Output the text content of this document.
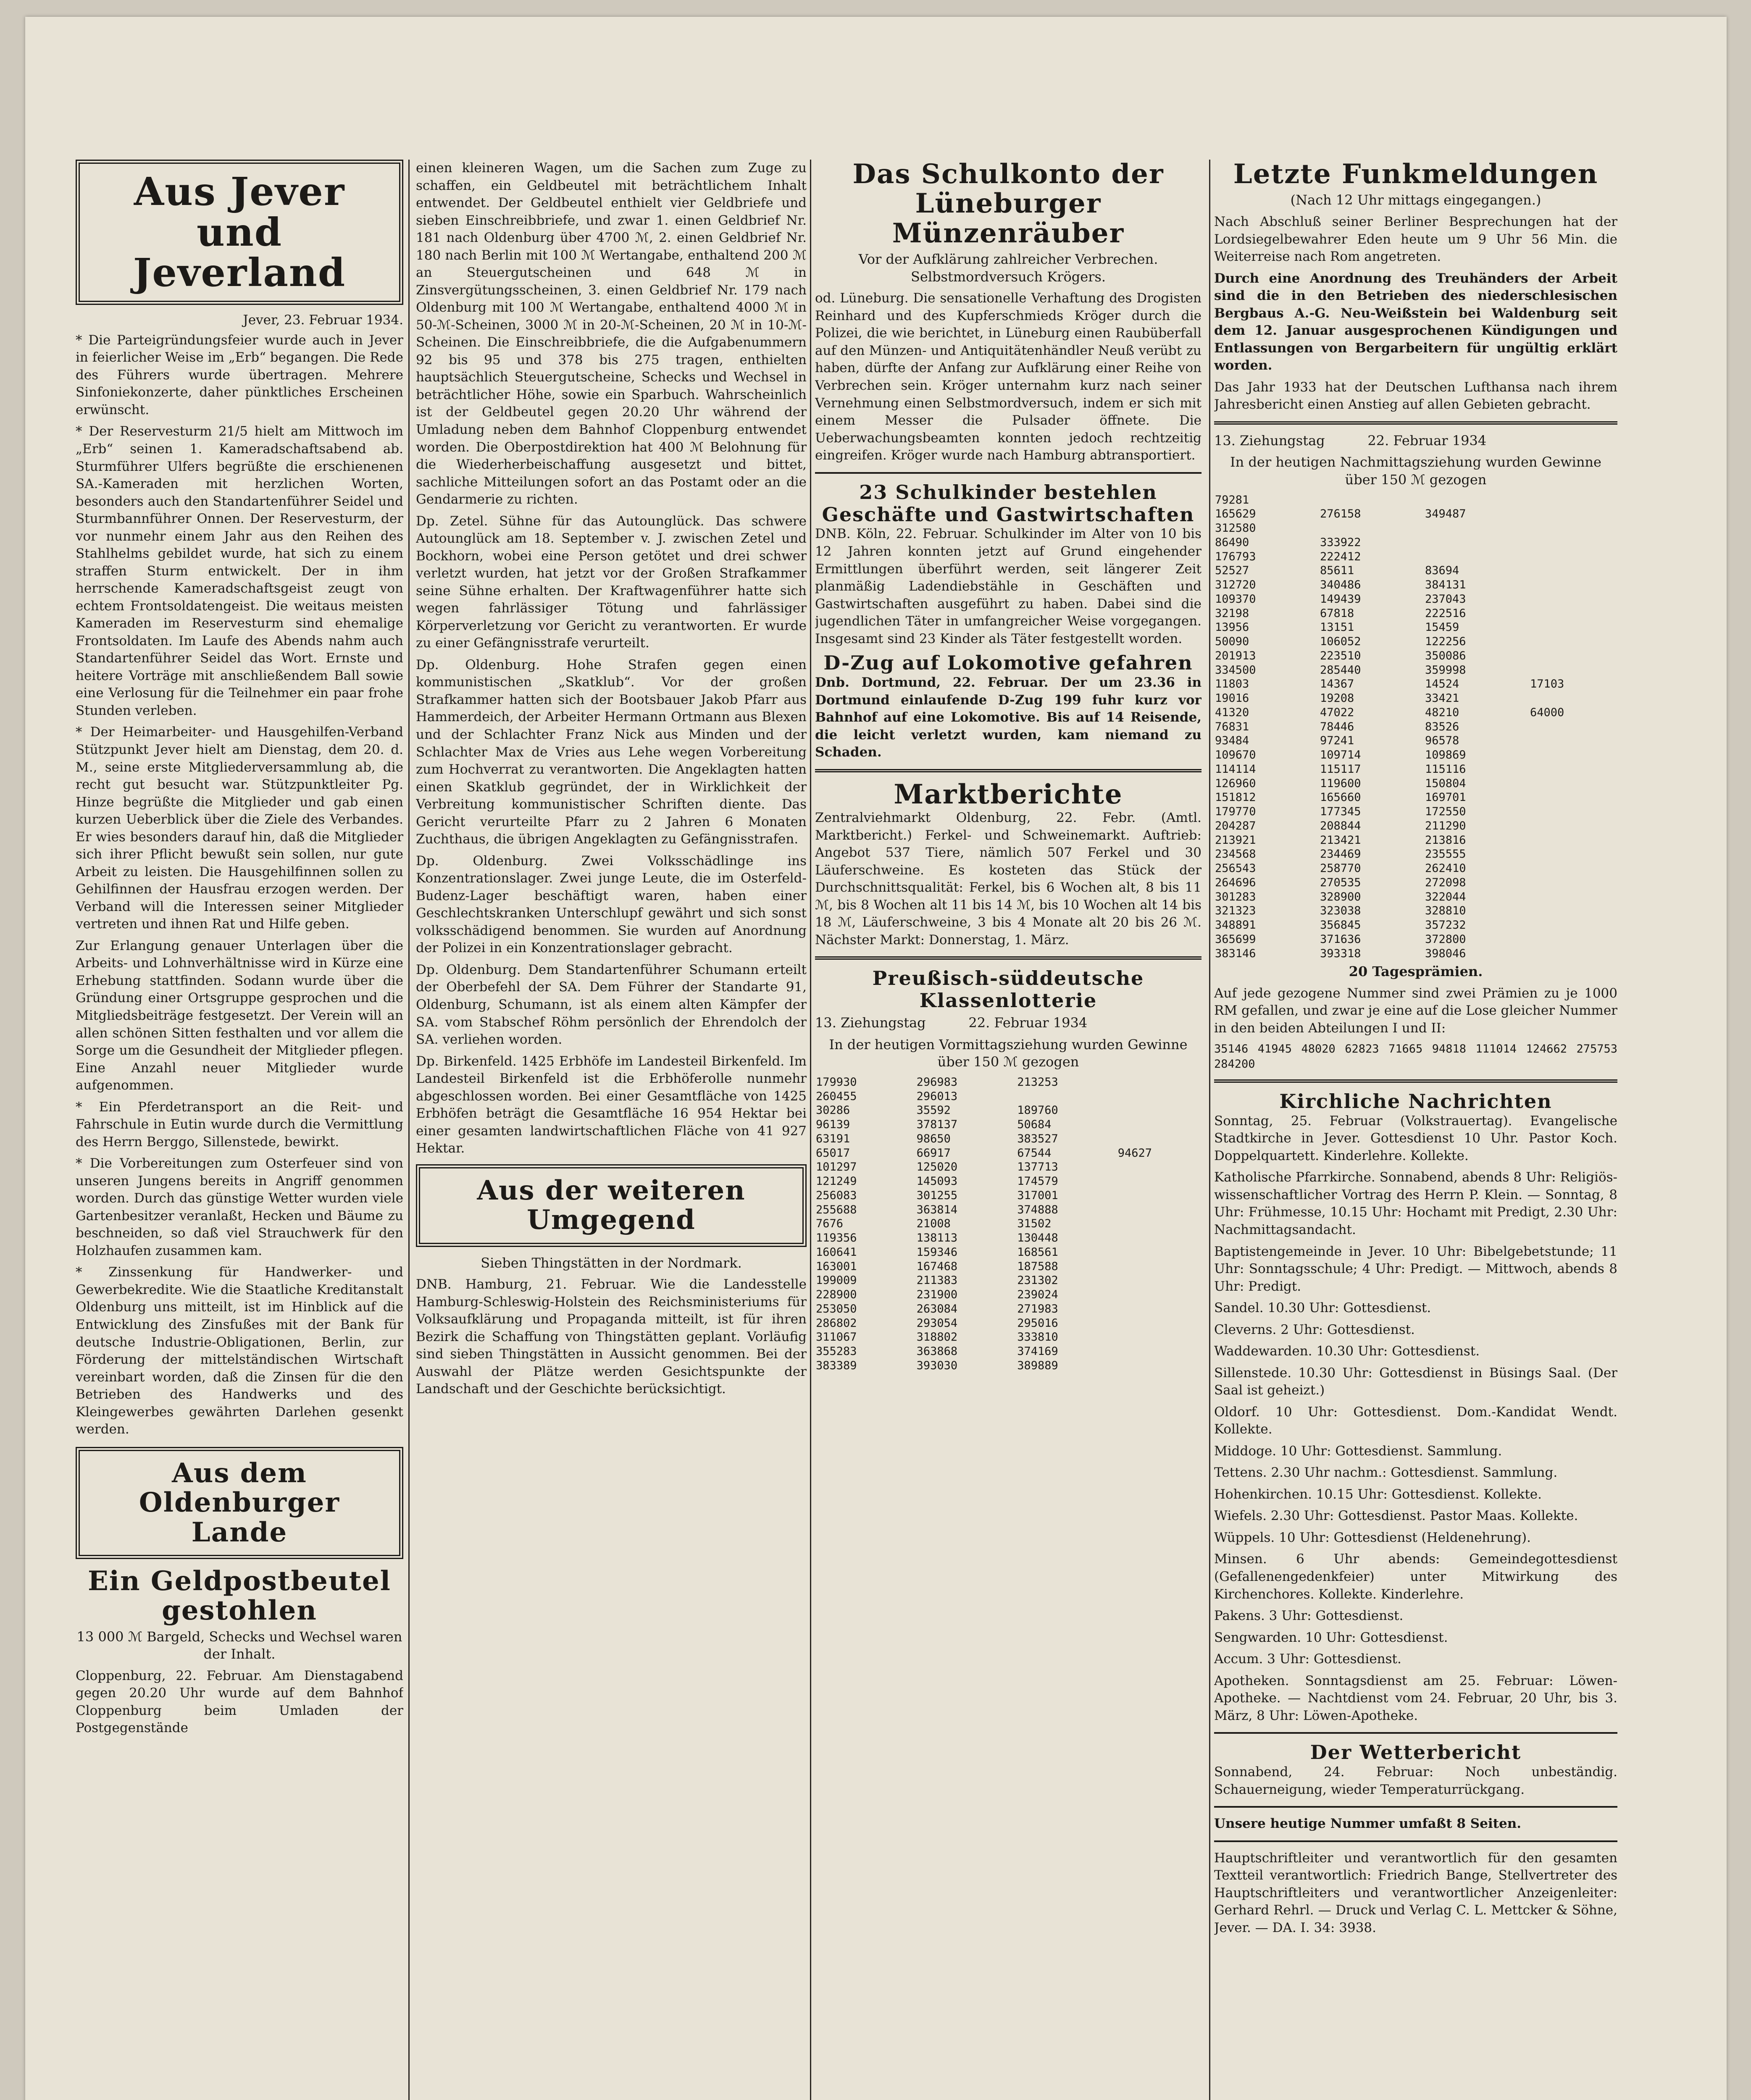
Aus Jever und Jeverland
Jever, 23. Februar 1934.

* Die Parteigründungsfeier wurde auch in Jever in feierlicher Weise im „Erb“ begangen. Die Rede des Führers wurde übertragen. Mehrere Sinfoniekonzerte, daher pünktliches Erscheinen erwünscht.

* Der Reservesturm 21/5 hielt am Mittwoch im „Erb“ seinen 1. Kameradschaftsabend ab. Sturmführer Ulfers begrüßte die erschienenen SA.-Kameraden mit herzlichen Worten, besonders auch den Standartenführer Seidel und Sturmbannführer Onnen. Der Reservesturm, der vor nunmehr einem Jahr aus den Reihen des Stahlhelms gebildet wurde, hat sich zu einem straffen Sturm entwickelt. Der in ihm herrschende Kameradschaftsgeist zeugt von echtem Frontsoldatengeist. Die weitaus meisten Kameraden im Reservesturm sind ehemalige Frontsoldaten. Im Laufe des Abends nahm auch Standartenführer Seidel das Wort. Ernste und heitere Vorträge mit anschließendem Ball sowie eine Verlosung für die Teilnehmer ein paar frohe Stunden verleben.

* Der Heimarbeiter- und Hausgehilfen-Verband Stützpunkt Jever hielt am Dienstag, dem 20. d. M., seine erste Mitgliederversammlung ab, die recht gut besucht war. Stützpunktleiter Pg. Hinze begrüßte die Mitglieder und gab einen kurzen Ueberblick über die Ziele des Verbandes. Er wies besonders darauf hin, daß die Mitglieder sich ihrer Pflicht bewußt sein sollen, nur gute Arbeit zu leisten. Die Hausgehilfinnen sollen zu Gehilfinnen der Hausfrau erzogen werden. Der Verband will die Interessen seiner Mitglieder vertreten und ihnen Rat und Hilfe geben.

Zur Erlangung genauer Unterlagen über die Arbeits- und Lohnverhältnisse wird in Kürze eine Erhebung stattfinden. Sodann wurde über die Gründung einer Ortsgruppe gesprochen und die Mitgliedsbeiträge festgesetzt. Der Verein will an allen schönen Sitten festhalten und vor allem die Sorge um die Gesundheit der Mitglieder pflegen. Eine Anzahl neuer Mitglieder wurde aufgenommen.

* Ein Pferdetransport an die Reit- und Fahrschule in Eutin wurde durch die Vermittlung des Herrn Berggo, Sillenstede, bewirkt.

* Die Vorbereitungen zum Osterfeuer sind von unseren Jungens bereits in Angriff genommen worden. Durch das günstige Wetter wurden viele Gartenbesitzer veranlaßt, Hecken und Bäume zu beschneiden, so daß viel Strauchwerk für den Holzhaufen zusammen kam.

* Zinssenkung für Handwerker- und Gewerbekredite. Wie die Staatliche Kreditanstalt Oldenburg uns mitteilt, ist im Hinblick auf die Entwicklung des Zinsfußes mit der Bank für deutsche Industrie-Obligationen, Berlin, zur Förderung der mittelständischen Wirtschaft vereinbart worden, daß die Zinsen für die den Betrieben des Handwerks und des Kleingewerbes gewährten Darlehen gesenkt werden.

Aus dem Oldenburger Lande
Ein Geldpostbeutel gestohlen
13 000 ℳ Bargeld, Schecks und Wechsel waren der Inhalt.

Cloppenburg, 22. Februar. Am Dienstagabend gegen 20.20 Uhr wurde auf dem Bahnhof Cloppenburg beim Umladen der Postgegenstände

einen kleineren Wagen, um die Sachen zum Zuge zu schaffen, ein Geldbeutel mit beträchtlichem Inhalt entwendet. Der Geldbeutel enthielt vier Geldbriefe und sieben Einschreibbriefe, und zwar 1. einen Geldbrief Nr. 181 nach Oldenburg über 4700 ℳ, 2. einen Geldbrief Nr. 180 nach Berlin mit 100 ℳ Wertangabe, enthaltend 200 ℳ an Steuergutscheinen und 648 ℳ in Zinsvergütungsscheinen, 3. einen Geldbrief Nr. 179 nach Oldenburg mit 100 ℳ Wertangabe, enthaltend 4000 ℳ in 50-ℳ-Scheinen, 3000 ℳ in 20-ℳ-Scheinen, 20 ℳ in 10-ℳ-Scheinen. Die Einschreibbriefe, die die Aufgabenummern 92 bis 95 und 378 bis 275 tragen, enthielten hauptsächlich Steuergutscheine, Schecks und Wechsel in beträchtlicher Höhe, sowie ein Sparbuch. Wahrscheinlich ist der Geldbeutel gegen 20.20 Uhr während der Umladung neben dem Bahnhof Cloppenburg entwendet worden. Die Oberpostdirektion hat 400 ℳ Belohnung für die Wiederherbeischaffung ausgesetzt und bittet, sachliche Mitteilungen sofort an das Postamt oder an die Gendarmerie zu richten.

Dp. Zetel. Sühne für das Autounglück. Das schwere Autounglück am 18. September v. J. zwischen Zetel und Bockhorn, wobei eine Person getötet und drei schwer verletzt wurden, hat jetzt vor der Großen Strafkammer seine Sühne erhalten. Der Kraftwagenführer hatte sich wegen fahrlässiger Tötung und fahrlässiger Körperverletzung vor Gericht zu verantworten. Er wurde zu einer Gefängnisstrafe verurteilt.

Dp. Oldenburg. Hohe Strafen gegen einen kommunistischen „Skatklub“. Vor der großen Strafkammer hatten sich der Bootsbauer Jakob Pfarr aus Hammerdeich, der Arbeiter Hermann Ortmann aus Blexen und der Schlachter Franz Nick aus Minden und der Schlachter Max de Vries aus Lehe wegen Vorbereitung zum Hochverrat zu verantworten. Die Angeklagten hatten einen Skatklub gegründet, der in Wirklichkeit der Verbreitung kommunistischer Schriften diente. Das Gericht verurteilte Pfarr zu 2 Jahren 6 Monaten Zuchthaus, die übrigen Angeklagten zu Gefängnisstrafen.

Dp. Oldenburg. Zwei Volksschädlinge ins Konzentrationslager. Zwei junge Leute, die im Osterfeld-Budenz-Lager beschäftigt waren, haben einer Geschlechtskranken Unterschlupf gewährt und sich sonst volksschädigend benommen. Sie wurden auf Anordnung der Polizei in ein Konzentrationslager gebracht.

Dp. Oldenburg. Dem Standartenführer Schumann erteilt der Oberbefehl der SA. Dem Führer der Standarte 91, Oldenburg, Schumann, ist als einem alten Kämpfer der SA. vom Stabschef Röhm persönlich der Ehrendolch der SA. verliehen worden.

Dp. Birkenfeld. 1425 Erbhöfe im Landesteil Birkenfeld. Im Landesteil Birkenfeld ist die Erbhöferolle nunmehr abgeschlossen worden. Bei einer Gesamtfläche von 1425 Erbhöfen beträgt die Gesamtfläche 16 954 Hektar bei einer gesamten landwirtschaftlichen Fläche von 41 927 Hektar.

Aus der weiteren Umgegend
Sieben Thingstätten in der Nordmark.

DNB. Hamburg, 21. Februar. Wie die Landesstelle Hamburg-Schleswig-Holstein des Reichsministeriums für Volksaufklärung und Propaganda mitteilt, ist für ihren Bezirk die Schaffung von Thingstätten geplant. Vorläufig sind sieben Thingstätten in Aussicht genommen. Bei der Auswahl der Plätze werden Gesichtspunkte der Landschaft und der Geschichte berücksichtigt.

Das Schulkonto der Lüneburger Münzenräuber
Vor der Aufklärung zahlreicher Verbrechen. Selbstmordversuch Krögers.

od. Lüneburg. Die sensationelle Verhaftung des Drogisten Reinhard und des Kupferschmieds Kröger durch die Polizei, die wie berichtet, in Lüneburg einen Raubüberfall auf den Münzen- und Antiquitätenhändler Neuß verübt zu haben, dürfte der Anfang zur Aufklärung einer Reihe von Verbrechen sein. Kröger unternahm kurz nach seiner Vernehmung einen Selbstmordversuch, indem er sich mit einem Messer die Pulsader öffnete. Die Ueberwachungsbeamten konnten jedoch rechtzeitig eingreifen. Kröger wurde nach Hamburg abtransportiert.

23 Schulkinder bestehlen Geschäfte und Gastwirtschaften

DNB. Köln, 22. Februar. Schulkinder im Alter von 10 bis 12 Jahren konnten jetzt auf Grund eingehender Ermittlungen überführt werden, seit längerer Zeit planmäßig Ladendiebstähle in Geschäften und Gastwirtschaften ausgeführt zu haben. Dabei sind die jugendlichen Täter in umfangreicher Weise vorgegangen. Insgesamt sind 23 Kinder als Täter festgestellt worden.

D-Zug auf Lokomotive gefahren

Dnb. Dortmund, 22. Februar. Der um 23.36 in Dortmund einlaufende D-Zug 199 fuhr kurz vor Bahnhof auf eine Lokomotive. Bis auf 14 Reisende, die leicht verletzt wurden, kam niemand zu Schaden.

Marktberichte

Zentralviehmarkt Oldenburg, 22. Febr. (Amtl. Marktbericht.) Ferkel- und Schweinemarkt. Auftrieb: Angebot 537 Tiere, nämlich 507 Ferkel und 30 Läuferschweine. Es kosteten das Stück der Durchschnittsqualität: Ferkel, bis 6 Wochen alt, 8 bis 11 ℳ, bis 8 Wochen alt 11 bis 14 ℳ, bis 10 Wochen alt 14 bis 18 ℳ, Läuferschweine, 3 bis 4 Monate alt 20 bis 26 ℳ. Nächster Markt: Donnerstag, 1. März.

Preußisch-süddeutsche Klassenlotterie
13. Ziehungstag          22. Februar 1934
In der heutigen Vormittagsziehung wurden Gewinne über 150 ℳ gezogen
179930	296983	213253	
260455	296013		
30286	35592	189760	
96139	378137	50684	
63191	98650	383527	
65017	66917	67544	94627
101297	125020	137713	
121249	145093	174579	
256083	301255	317001	
255688	363814	374888	
7676	21008	31502	
119356	138113	130448	
160641	159346	168561	
163001	167468	187588	
199009	211383	231302	
228900	231900	239024	
253050	263084	271983	
286802	293054	295016	
311067	318802	333810	
355283	363868	374169	
383389	393030	389889	
Letzte Funkmeldungen
(Nach 12 Uhr mittags eingegangen.)

Nach Abschluß seiner Berliner Besprechungen hat der Lordsiegelbewahrer Eden heute um 9 Uhr 56 Min. die Weiterreise nach Rom angetreten.

Durch eine Anordnung des Treuhänders der Arbeit sind die in den Betrieben des niederschlesischen Bergbaus A.-G. Neu-Weißstein bei Waldenburg seit dem 12. Januar ausgesprochenen Kündigungen und Entlassungen von Bergarbeitern für ungültig erklärt worden.

Das Jahr 1933 hat der Deutschen Lufthansa nach ihrem Jahresbericht einen Anstieg auf allen Gebieten gebracht.

13. Ziehungstag          22. Februar 1934
In der heutigen Nachmittagsziehung wurden Gewinne über 150 ℳ gezogen
79281			
165629	276158	349487	
312580			
86490	333922		
176793	222412		
52527	85611	83694	
312720	340486	384131	
109370	149439	237043	
32198	67818	222516	
13956	13151	15459	
50090	106052	122256	
201913	223510	350086	
334500	285440	359998	
11803	14367	14524	17103
19016	19208	33421	
41320	47022	48210	64000
76831	78446	83526	
93484	97241	96578	
109670	109714	109869	
114114	115117	115116	
126960	119600	150804	
151812	165660	169701	
179770	177345	172550	
204287	208844	211290	
213921	213421	213816	
234568	234469	235555	
256543	258770	262410	
264696	270535	272098	
301283	328900	322044	
321323	323038	328810	
348891	356845	357232	
365699	371636	372800	
383146	393318	398046	
20 Tagesprämien.

Auf jede gezogene Nummer sind zwei Prämien zu je 1000 RM gefallen, und zwar je eine auf die Lose gleicher Nummer in den beiden Abteilungen I und II:

35146 41945 48020 62823 71665 94818 111014 124662 275753 284200

Kirchliche Nachrichten

Sonntag, 25. Februar (Volkstrauertag). Evangelische Stadtkirche in Jever. Gottesdienst 10 Uhr. Pastor Koch. Doppelquartett. Kinderlehre. Kollekte.

Katholische Pfarrkirche. Sonnabend, abends 8 Uhr: Religiös-wissenschaftlicher Vortrag des Herrn P. Klein. — Sonntag, 8 Uhr: Frühmesse, 10.15 Uhr: Hochamt mit Predigt, 2.30 Uhr: Nachmittagsandacht.

Baptistengemeinde in Jever. 10 Uhr: Bibelgebetstunde; 11 Uhr: Sonntagsschule; 4 Uhr: Predigt. — Mittwoch, abends 8 Uhr: Predigt.

Sandel. 10.30 Uhr: Gottesdienst.

Cleverns. 2 Uhr: Gottesdienst.

Waddewarden. 10.30 Uhr: Gottesdienst.

Sillenstede. 10.30 Uhr: Gottesdienst in Büsings Saal. (Der Saal ist geheizt.)

Oldorf. 10 Uhr: Gottesdienst. Dom.-Kandidat Wendt. Kollekte.

Middoge. 10 Uhr: Gottesdienst. Sammlung.

Tettens. 2.30 Uhr nachm.: Gottesdienst. Sammlung.

Hohenkirchen. 10.15 Uhr: Gottesdienst. Kollekte.

Wiefels. 2.30 Uhr: Gottesdienst. Pastor Maas. Kollekte.

Wüppels. 10 Uhr: Gottesdienst (Heldenehrung).

Minsen. 6 Uhr abends: Gemeindegottesdienst (Gefallenengedenkfeier) unter Mitwirkung des Kirchenchores. Kollekte. Kinderlehre.

Pakens. 3 Uhr: Gottesdienst.

Sengwarden. 10 Uhr: Gottesdienst.

Accum. 3 Uhr: Gottesdienst.

Apotheken. Sonntagsdienst am 25. Februar: Löwen-Apotheke. — Nachtdienst vom 24. Februar, 20 Uhr, bis 3. März, 8 Uhr: Löwen-Apotheke.

Der Wetterbericht

Sonnabend, 24. Februar: Noch unbeständig. Schauerneigung, wieder Temperaturrückgang.

Unsere heutige Nummer umfaßt 8 Seiten.

Hauptschriftleiter und verantwortlich für den gesamten Textteil verantwortlich: Friedrich Bange, Stellvertreter des Hauptschriftleiters und verantwortlicher Anzeigenleiter: Gerhard Rehrl. — Druck und Verlag C. L. Mettcker & Söhne, Jever. — DA. I. 34: 3938.
